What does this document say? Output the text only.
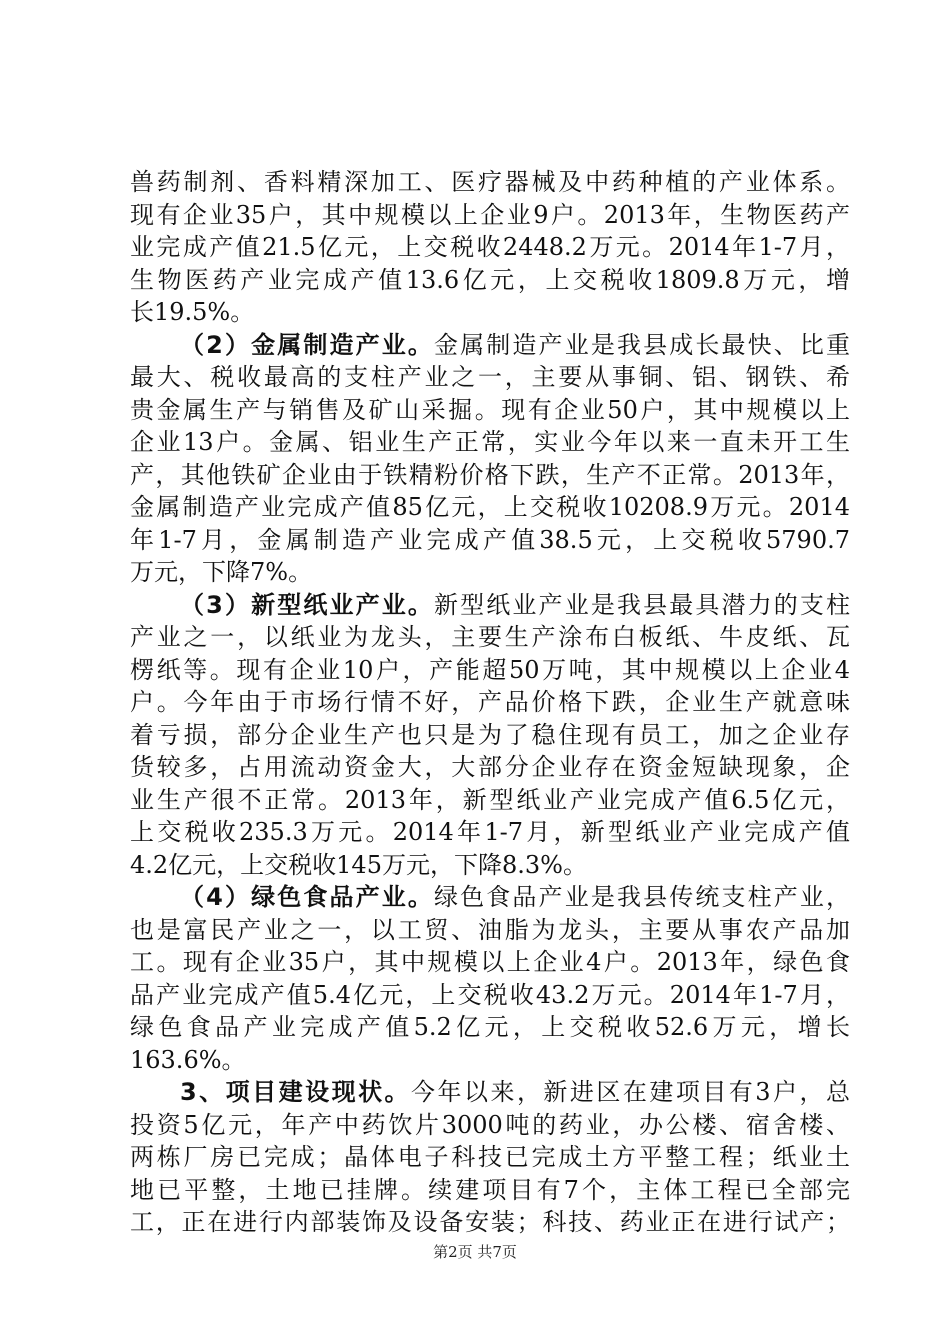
兽药制剂、香料精深加工、医疗器械及中药种植的产业体系。
现有企业35户，其中规模以上企业9户。2013年，生物医药产
业完成产值21.5亿元，上交税收2448.2万元。2014年1-7月，
生物医药产业完成产值13.6亿元，上交税收1809.8万元，增
长19.5%。
（2）金属制造产业。金属制造产业是我县成长最快、比重
最大、税收最高的支柱产业之一，主要从事铜、铝、钢铁、希
贵金属生产与销售及矿山采掘。现有企业50户，其中规模以上
企业13户。金属、铝业生产正常，实业今年以来一直未开工生
产，其他铁矿企业由于铁精粉价格下跌，生产不正常。2013年，
金属制造产业完成产值85亿元，上交税收10208.9万元。2014
年1-7月，金属制造产业完成产值38.5元，上交税收5790.7
万元，下降7%。
（3）新型纸业产业。新型纸业产业是我县最具潜力的支柱
产业之一，以纸业为龙头，主要生产涂布白板纸、牛皮纸、瓦
楞纸等。现有企业10户，产能超50万吨，其中规模以上企业4
户。今年由于市场行情不好，产品价格下跌，企业生产就意味
着亏损，部分企业生产也只是为了稳住现有员工，加之企业存
货较多，占用流动资金大，大部分企业存在资金短缺现象，企
业生产很不正常。2013年，新型纸业产业完成产值6.5亿元，
上交税收235.3万元。2014年1-7月，新型纸业产业完成产值
4.2亿元，上交税收145万元，下降8.3%。
（4）绿色食品产业。绿色食品产业是我县传统支柱产业，
也是富民产业之一，以工贸、油脂为龙头，主要从事农产品加
工。现有企业35户，其中规模以上企业4户。2013年，绿色食
品产业完成产值5.4亿元，上交税收43.2万元。2014年1-7月，
绿色食品产业完成产值5.2亿元，上交税收52.6万元，增长
163.6%。
3、项目建设现状。今年以来，新进区在建项目有3户，总
投资5亿元，年产中药饮片3000吨的药业，办公楼、宿舍楼、
两栋厂房已完成；晶体电子科技已完成土方平整工程；纸业土
地已平整，土地已挂牌。续建项目有7个，主体工程已全部完
工，正在进行内部装饰及设备安装；科技、药业正在进行试产；
第2页 共7页
